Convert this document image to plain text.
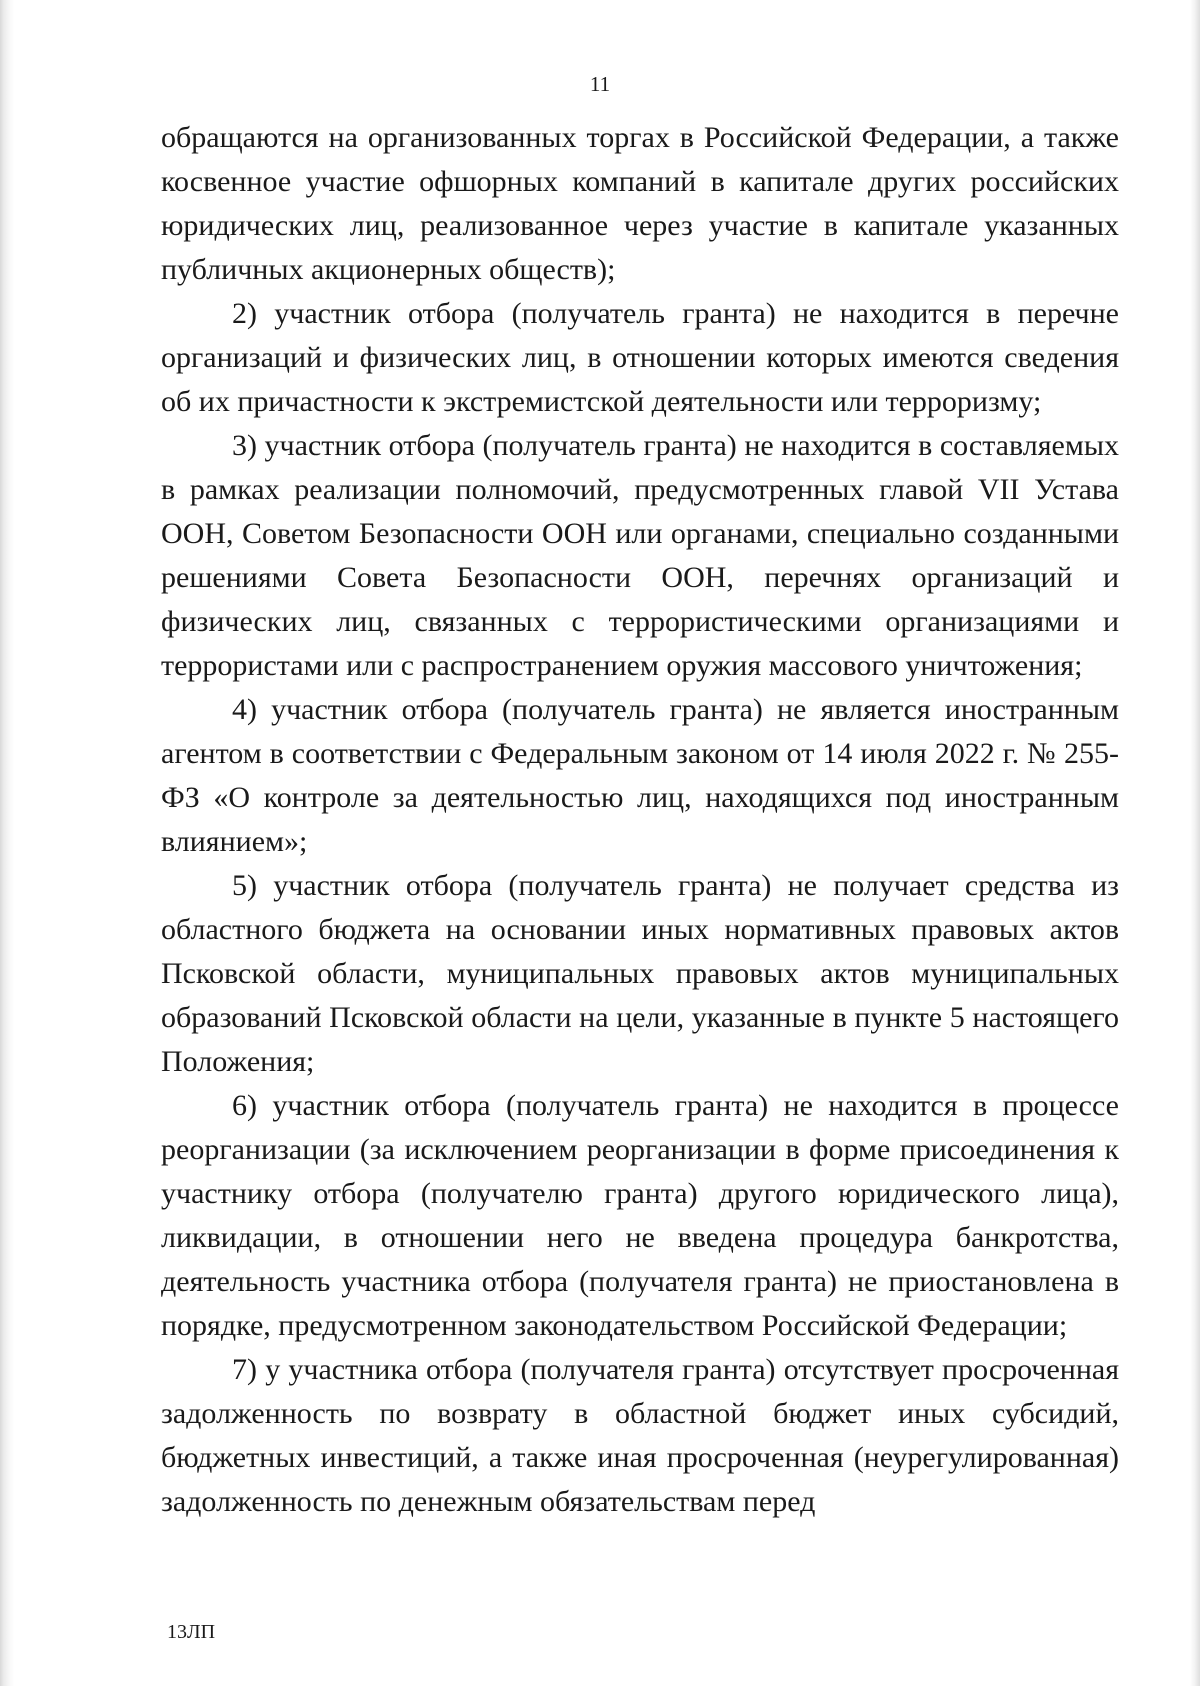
11

обращаются на организованных торгах в Российской Федерации, а также косвенное участие офшорных компаний в капитале других российских юридических лиц, реализованное через участие в капитале указанных публичных акционерных обществ);

2) участник отбора (получатель гранта) не находится в перечне организаций и физических лиц, в отношении которых имеются сведения об их причастности к экстремистской деятельности или терроризму;

3) участник отбора (получатель гранта) не находится в составляемых в рамках реализации полномочий, предусмотренных главой VII Устава ООН, Советом Безопасности ООН или органами, специально созданными решениями Совета Безопасности ООН, перечнях организаций и физических лиц, связанных с террористическими организациями и террористами или с распространением оружия массового уничтожения;

4) участник отбора (получатель гранта) не является иностранным агентом в соответствии с Федеральным законом от 14 июля 2022 г. № 255-ФЗ «О контроле за деятельностью лиц, находящихся под иностранным влиянием»;

5) участник отбора (получатель гранта) не получает средства из областного бюджета на основании иных нормативных правовых актов Псковской области, муниципальных правовых актов муниципальных образований Псковской области на цели, указанные в пункте 5 настоящего Положения;

6) участник отбора (получатель гранта) не находится в процессе реорганизации (за исключением реорганизации в форме присоединения к участнику отбора (получателю гранта) другого юридического лица), ликвидации, в отношении него не введена процедура банкротства, деятельность участника отбора (получателя гранта) не приостановлена в порядке, предусмотренном законодательством Российской Федерации;

7) у участника отбора (получателя гранта) отсутствует просроченная задолженность по возврату в областной бюджет иных субсидий, бюджетных инвестиций, а также иная просроченная (неурегулированная) задолженность по денежным обязательствам перед

13ЛП
